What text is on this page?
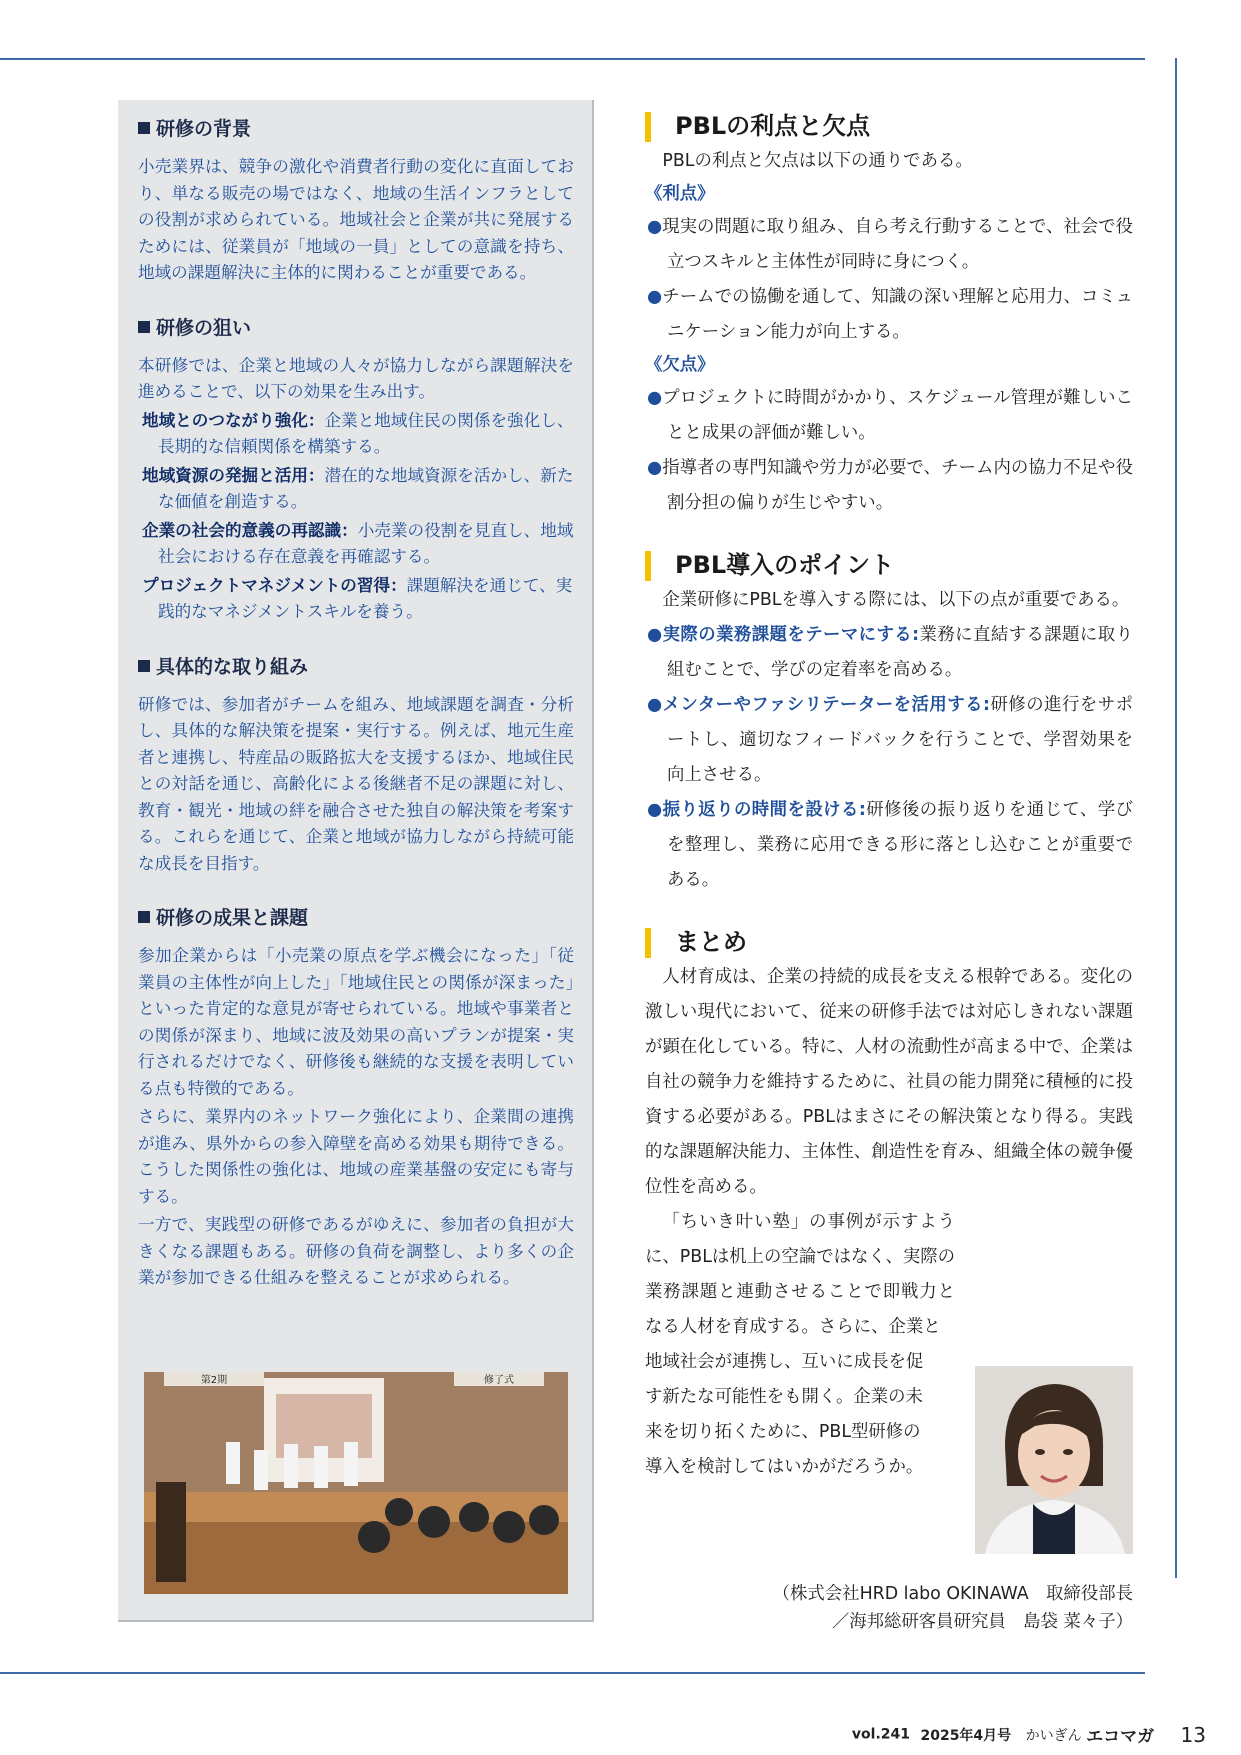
研修の背景

小売業界は、競争の激化や消費者行動の変化に直面しており、単なる販売の場ではなく、地域の生活インフラとしての役割が求められている。地域社会と企業が共に発展するためには、従業員が「地域の一員」としての意識を持ち、地域の課題解決に主体的に関わることが重要である。

研修の狙い

本研修では、企業と地域の人々が協力しながら課題解決を進めることで、以下の効果を生み出す。

地域とのつながり強化：企業と地域住民の関係を強化し、長期的な信頼関係を構築する。

地域資源の発掘と活用：潜在的な地域資源を活かし、新たな価値を創造する。

企業の社会的意義の再認識：小売業の役割を見直し、地域社会における存在意義を再確認する。

プロジェクトマネジメントの習得：課題解決を通じて、実践的なマネジメントスキルを養う。

具体的な取り組み

研修では、参加者がチームを組み、地域課題を調査・分析し、具体的な解決策を提案・実行する。例えば、地元生産者と連携し、特産品の販路拡大を支援するほか、地域住民との対話を通じ、高齢化による後継者不足の課題に対し、教育・観光・地域の絆を融合させた独自の解決策を考案する。これらを通じて、企業と地域が協力しながら持続可能な成長を目指す。

研修の成果と課題

参加企業からは「小売業の原点を学ぶ機会になった」「従業員の主体性が向上した」「地域住民との関係が深まった」といった肯定的な意見が寄せられている。地域や事業者との関係が深まり、地域に波及効果の高いプランが提案・実行されるだけでなく、研修後も継続的な支援を表明している点も特徴的である。

さらに、業界内のネットワーク強化により、企業間の連携が進み、県外からの参入障壁を高める効果も期待できる。こうした関係性の強化は、地域の産業基盤の安定にも寄与する。

一方で、実践型の研修であるがゆえに、参加者の負担が大きくなる課題もある。研修の負荷を調整し、より多くの企業が参加できる仕組みを整えることが求められる。

第2期	修了式
PBLの利点と欠点

PBLの利点と欠点は以下の通りである。

《利点》

●現実の問題に取り組み、自ら考え行動することで、社会で役立つスキルと主体性が同時に身につく。

●チームでの協働を通して、知識の深い理解と応用力、コミュニケーション能力が向上する。

《欠点》

●プロジェクトに時間がかかり、スケジュール管理が難しいことと成果の評価が難しい。

●指導者の専門知識や労力が必要で、チーム内の協力不足や役割分担の偏りが生じやすい。

PBL導入のポイント

企業研修にPBLを導入する際には、以下の点が重要である。

●実際の業務課題をテーマにする:業務に直結する課題に取り組むことで、学びの定着率を高める。

●メンターやファシリテーターを活用する:研修の進行をサポートし、適切なフィードバックを行うことで、学習効果を向上させる。

●振り返りの時間を設ける:研修後の振り返りを通じて、学びを整理し、業務に応用できる形に落とし込むことが重要である。

まとめ

人材育成は、企業の持続的成長を支える根幹である。変化の激しい現代において、従来の研修手法では対応しきれない課題が顕在化している。特に、人材の流動性が高まる中で、企業は自社の競争力を維持するために、社員の能力開発に積極的に投資する必要がある。PBLはまさにその解決策となり得る。実践的な課題解決能力、主体性、創造性を育み、組織全体の競争優位性を高める。

「ちいき叶い塾」の事例が示すように、PBLは机上の空論ではなく、実際の業務課題と連動させることで即戦力となる人材を育成する。さらに、企業と

地域社会が連携し、互いに成長を促

す新たな可能性をも開く。企業の未

来を切り拓くために、PBL型研修の

導入を検討してはいかがだろうか。

（株式会社HRD labo OKINAWA　取締役部長
／海邦総研客員研究員　島袋 菜々子）
vol.241 2025年4月号 かいぎん エコマガ 13
